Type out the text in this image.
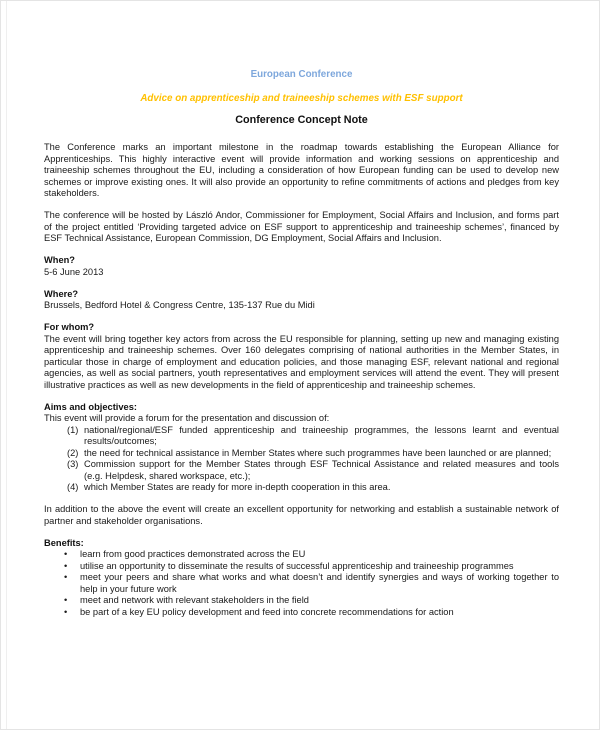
European Conference
Advice on apprenticeship and traineeship schemes with ESF support
Conference Concept Note

The Conference marks an important milestone in the roadmap towards establishing the European Alliance for Apprenticeships. This highly interactive event will provide information and working sessions on apprenticeship and traineeship schemes throughout the EU, including a consideration of how European funding can be used to develop new schemes or improve existing ones. It will also provide an opportunity to refine commitments of actions and pledges from key stakeholders.

The conference will be hosted by László Andor, Commissioner for Employment, Social Affairs and Inclusion, and forms part of the project entitled ‘Providing targeted advice on ESF support to apprenticeship and traineeship schemes’, financed by ESF Technical Assistance, European Commission, DG Employment, Social Affairs and Inclusion.

When?

5-6 June 2013

Where?

Brussels, Bedford Hotel & Congress Centre, 135-137 Rue du Midi

For whom?

The event will bring together key actors from across the EU responsible for planning, setting up new and managing existing apprenticeship and traineeship schemes. Over 160 delegates comprising of national authorities in the Member States, in particular those in charge of employment and education policies, and those managing ESF, relevant national and regional agencies, as well as social partners, youth representatives and employment services will attend the event. They will present illustrative practices as well as new developments in the field of apprenticeship and traineeship schemes.

Aims and objectives:

This event will provide a forum for the presentation and discussion of:

(1) national/regional/ESF funded apprenticeship and traineeship programmes, the lessons learnt and eventual results/outcomes;
(2) the need for technical assistance in Member States where such programmes have been launched or are planned;
(3) Commission support for the Member States through ESF Technical Assistance and related measures and tools (e.g. Helpdesk, shared workspace, etc.);
(4) which Member States are ready for more in-depth cooperation in this area.

In addition to the above the event will create an excellent opportunity for networking and establish a sustainable network of partner and stakeholder organisations.

Benefits:
•	learn from good practices demonstrated across the EU
•	utilise an opportunity to disseminate the results of successful apprenticeship and traineeship programmes
•	meet your peers and share what works and what doesn’t and identify synergies and ways of working together to help in your future work
•	meet and network with relevant stakeholders in the field
•	be part of a key EU policy development and feed into concrete recommendations for action
